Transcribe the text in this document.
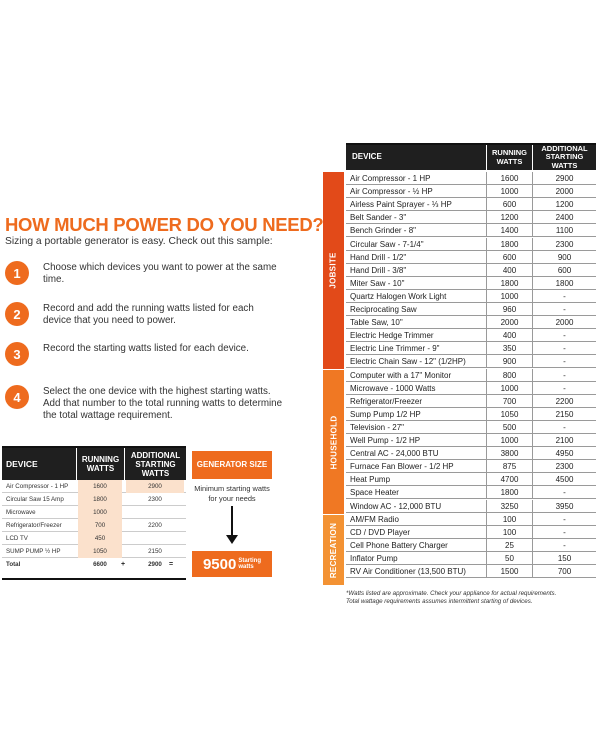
HOW MUCH POWER DO YOU NEED?
Sizing a portable generator is easy. Check out this sample:
1	Choose which devices you want to power at the same time.
2	Record and add the running watts listed for each device that you need to power.
3	Record the starting watts listed for each device.
4	Select the one device with the highest starting watts. Add that number to the total running watts to determine the total wattage requirement.
DEVICE	RUNNING WATTS
ADDITIONAL STARTING WATTS
Air Compressor - 1 HP	1600	2900
Circular Saw 15 Amp	1800	2300
Microwave	1000
Refrigerator/Freezer	700	2200
LCD TV	450
SUMP PUMP ½ HP	1050	2150
Total	6600	+	2900	=
GENERATOR SIZE
Minimum starting watts for your needs
9500 Starting
watts
DEVICE	RUNNING WATTS
ADDITIONAL STARTING WATTS
JOBSITE
HOUSEHOLD
RECREATION
Air Compressor - 1 HP	1600	2900
Air Compressor - ½ HP	1000	2000
Airless Paint Sprayer - ⅓ HP	600	1200
Belt Sander - 3"	1200	2400
Bench Grinder - 8"	1400	1100
Circular Saw - 7-1/4"	1800	2300
Hand Drill - 1/2"	600	900
Hand Drill - 3/8"	400	600
Miter Saw - 10"	1800	1800
Quartz Halogen Work Light	1000	-
Reciprocating Saw	960	-
Table Saw, 10"	2000	2000
Electric Hedge Trimmer	400	-
Electric Line Trimmer - 9"	350	-
Electric Chain Saw - 12" (1/2HP)	900	-
Computer with a 17" Monitor	800	-
Microwave - 1000 Watts	1000	-
Refrigerator/Freezer	700	2200
Sump Pump 1/2 HP	1050	2150
Television - 27"	500	-
Well Pump - 1/2 HP	1000	2100
Central AC - 24,000 BTU	3800	4950
Furnace Fan Blower - 1/2 HP	875	2300
Heat Pump	4700	4500
Space Heater	1800	-
Window AC - 12,000 BTU	3250	3950
AM/FM Radio	100	-
CD / DVD Player	100	-
Cell Phone Battery Charger	25	-
Inflator Pump	50	150
RV Air Conditioner (13,500 BTU)	1500	700
*Watts listed are approximate. Check your appliance for actual requirements.
Total wattage requirements assumes intermittent starting of devices.
